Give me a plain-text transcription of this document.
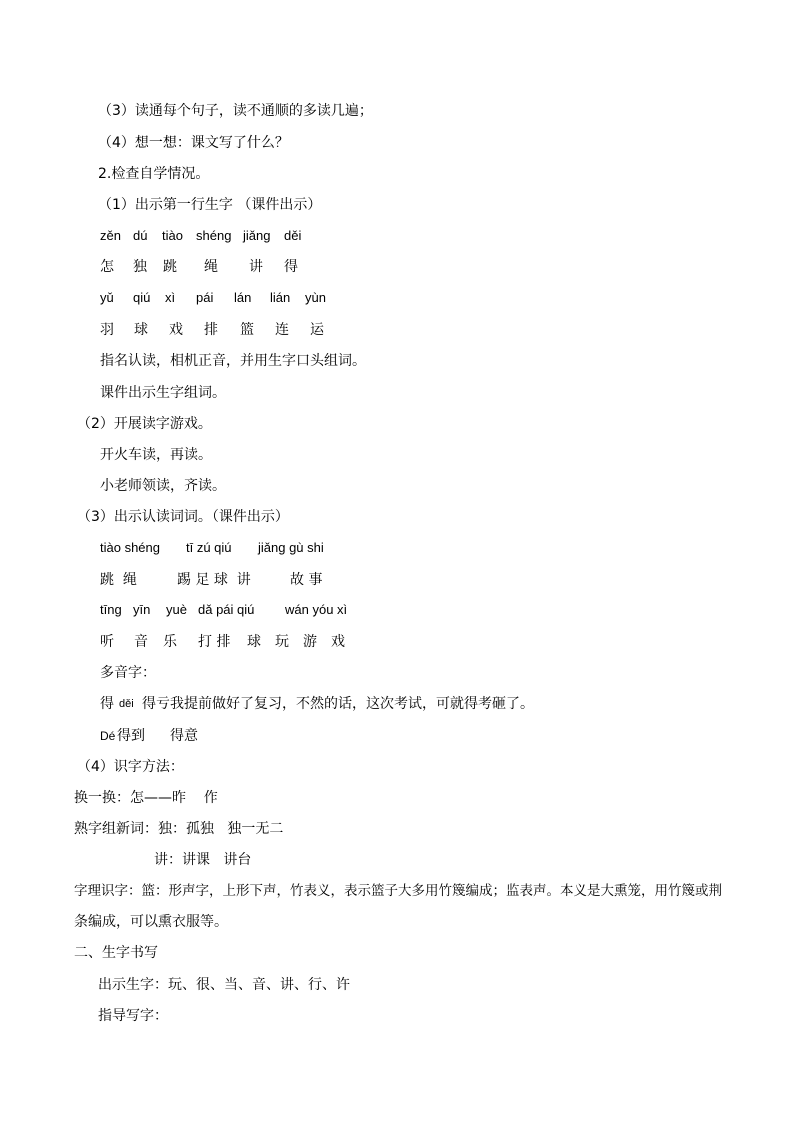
（3）读通每个句子，读不通顺的多读几遍；
（4）想一想：课文写了什么？
2.检查自学情况。
（1）出示第一行生字 （课件出示）
zěn dú tiào shéng jiǎng děi
怎 独 跳 绳 讲 得
yǔ qiú xì pái lán lián yùn
羽 球 戏 排 篮 连 运
指名认读，相机正音，并用生字口头组词。
课件出示生字组词。
（2）开展读字游戏。
开火车读，再读。
小老师领读，齐读。
（3）出示认读词词。（课件出示）
tiào shéng tī zú qiú jiǎng gù shi
跳  绳	踢 足 球  讲	故 事
tīng yīn yuè dǎ pái qiú wán yóu xì
听 音 乐 打 排 球 玩 游 戏
多音字：
得 děi 得亏我提前做好了复习，不然的话，这次考试，可就得考砸了。
Dé 得到 得意
（4）识字方法：
换一换：怎——昨    作
熟字组新词：独：孤独   独一无二
讲：讲课   讲台
字理识字：篮：形声字，上形下声，竹表义，表示篮子大多用竹篾编成；监表声。本义是大熏笼，用竹篾或荆
条编成，可以熏衣服等。
二、生字书写
出示生字：玩、很、当、音、讲、行、许
指导写字：
